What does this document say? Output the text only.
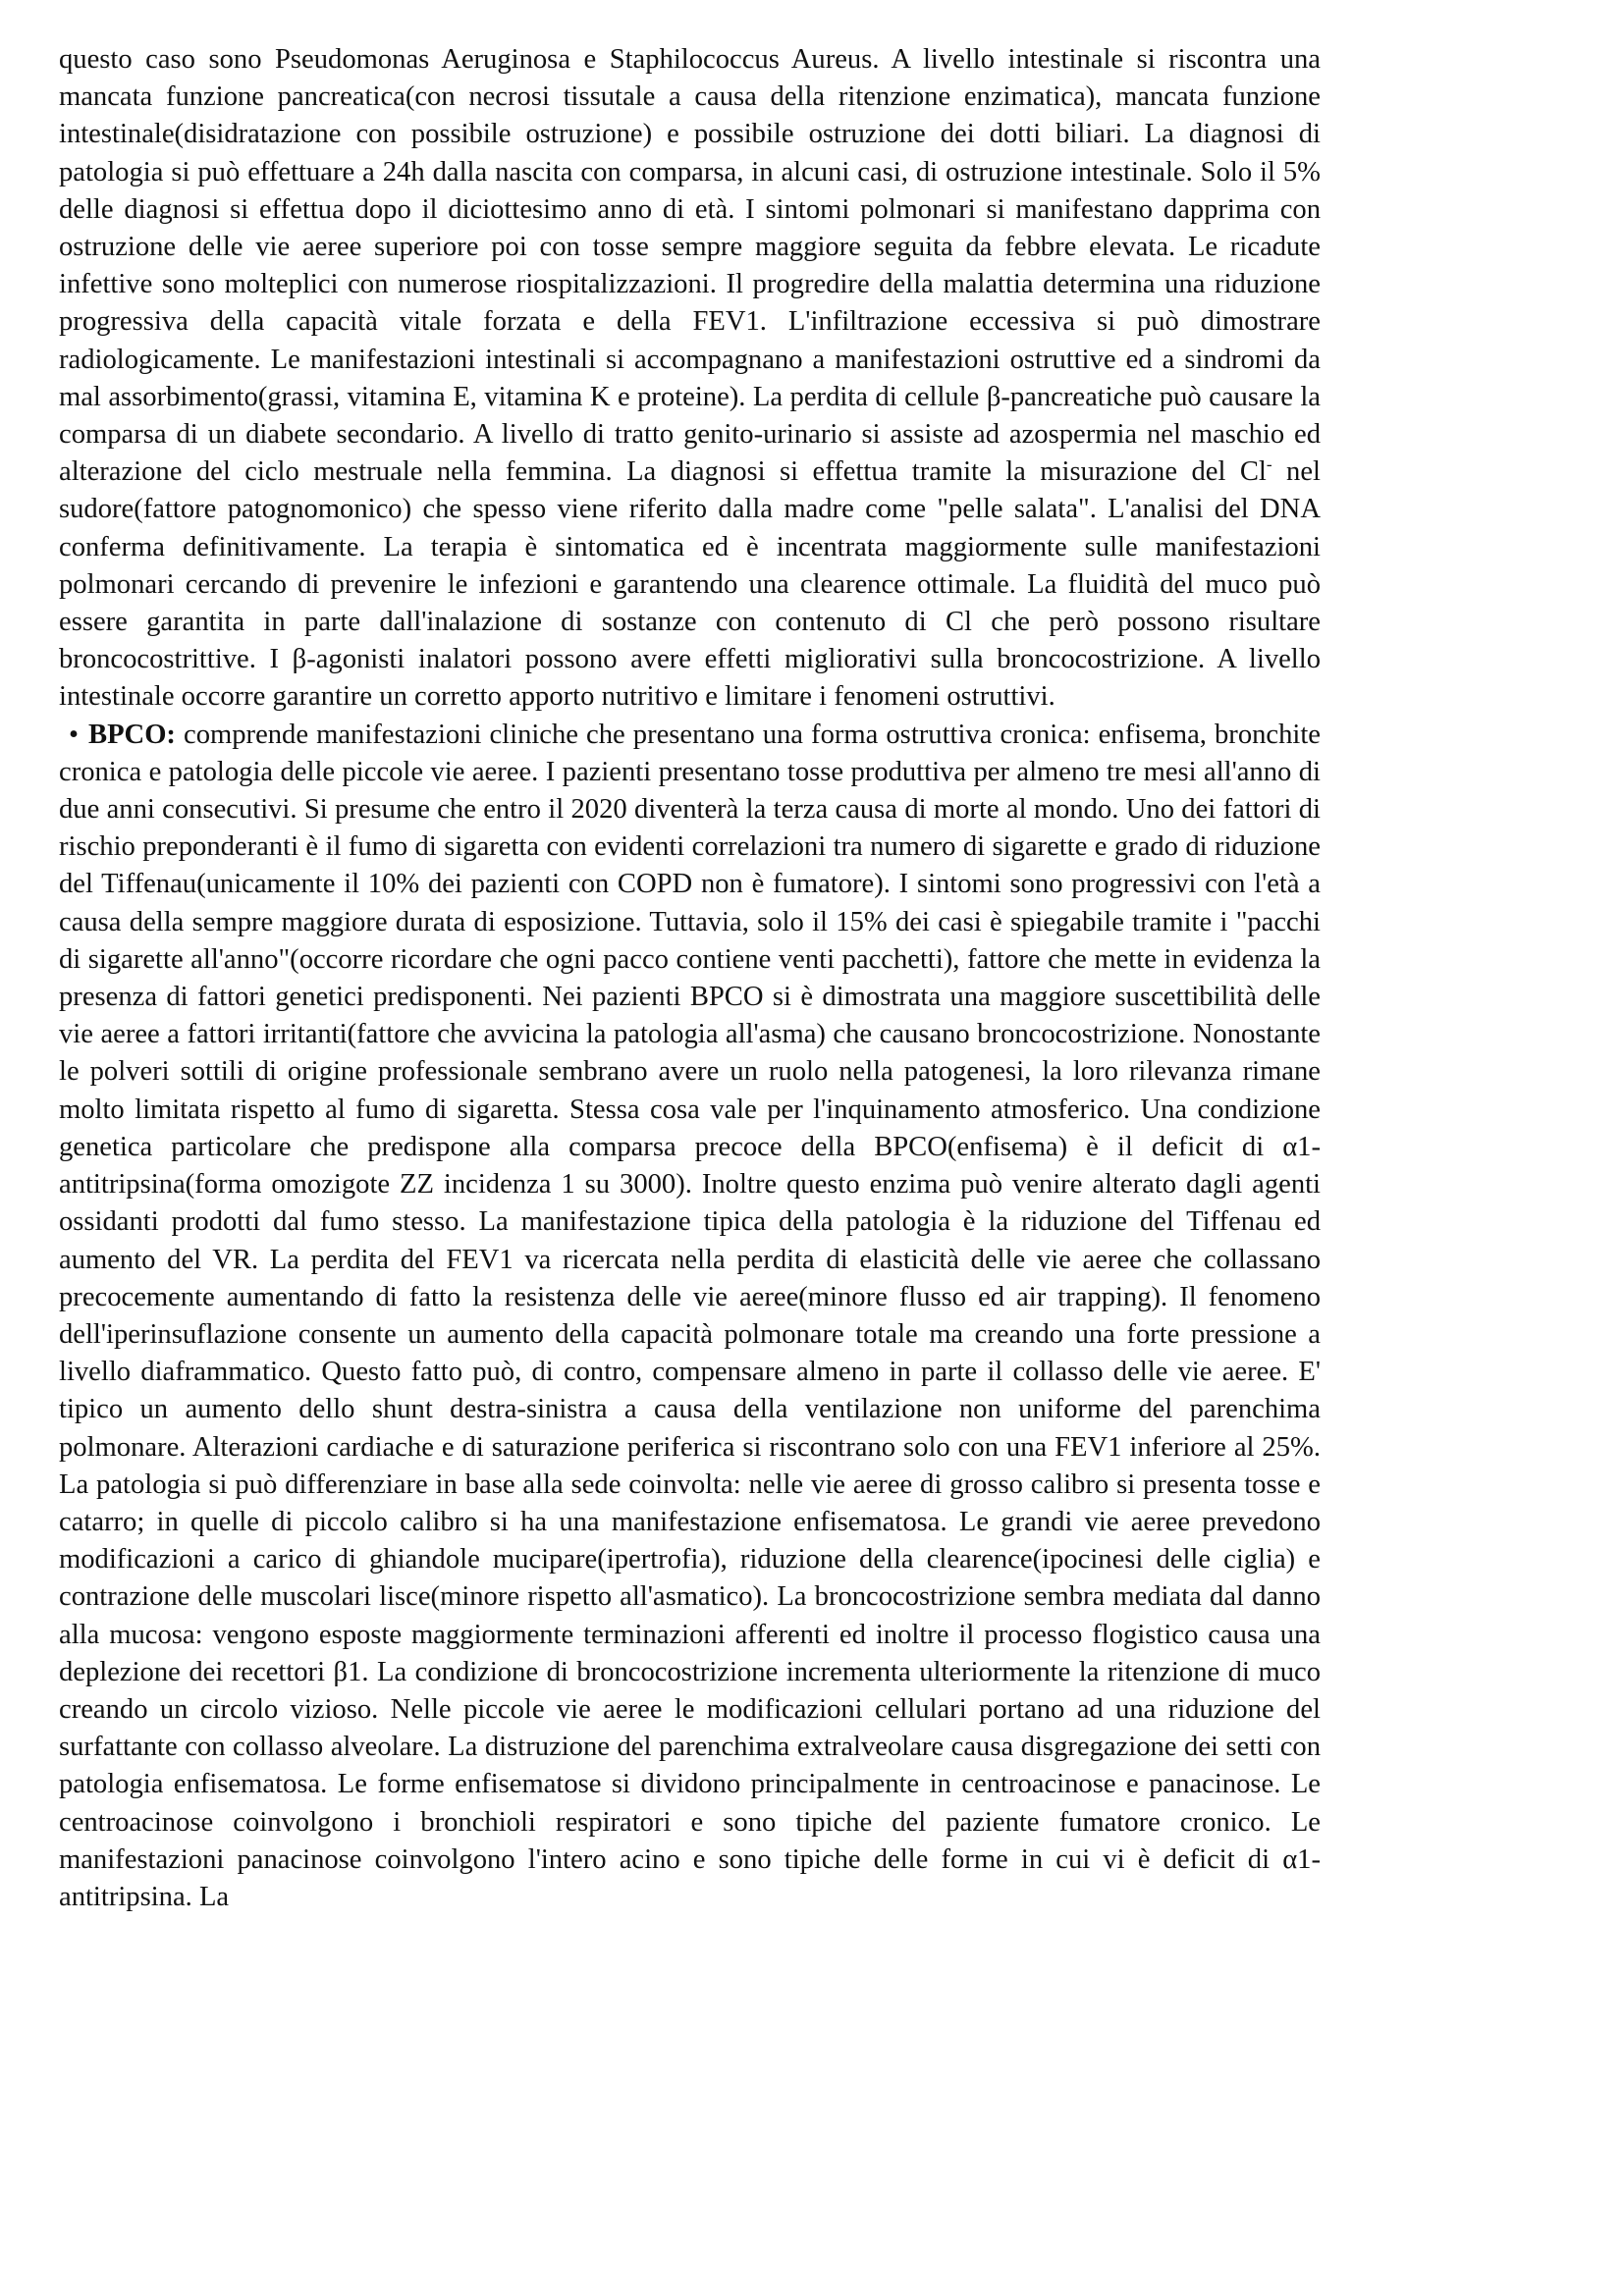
questo caso sono Pseudomonas Aeruginosa e Staphilococcus Aureus. A livello intestinale si riscontra una mancata funzione pancreatica(con necrosi tissutale a causa della ritenzione enzimatica), mancata funzione intestinale(disidratazione con possibile ostruzione) e possibile ostruzione dei dotti biliari. La diagnosi di patologia si può effettuare a 24h dalla nascita con comparsa, in alcuni casi, di ostruzione intestinale. Solo il 5% delle diagnosi si effettua dopo il diciottesimo anno di età. I sintomi polmonari si manifestano dapprima con ostruzione delle vie aeree superiore poi con tosse sempre maggiore seguita da febbre elevata. Le ricadute infettive sono molteplici con numerose riospitalizzazioni. Il progredire della malattia determina una riduzione progressiva della capacità vitale forzata e della FEV1. L'infiltrazione eccessiva si può dimostrare radiologicamente. Le manifestazioni intestinali si accompagnano a manifestazioni ostruttive ed a sindromi da mal assorbimento(grassi, vitamina E, vitamina K e proteine). La perdita di cellule β-pancreatiche può causare la comparsa di un diabete secondario. A livello di tratto genito-urinario si assiste ad azospermia nel maschio ed alterazione del ciclo mestruale nella femmina. La diagnosi si effettua tramite la misurazione del Cl- nel sudore(fattore patognomonico) che spesso viene riferito dalla madre come "pelle salata". L'analisi del DNA conferma definitivamente. La terapia è sintomatica ed è incentrata maggiormente sulle manifestazioni polmonari cercando di prevenire le infezioni e garantendo una clearence ottimale. La fluidità del muco può essere garantita in parte dall'inalazione di sostanze con contenuto di Cl che però possono risultare broncocostrittive. I β-agonisti inalatori possono avere effetti migliorativi sulla broncocostrizione. A livello intestinale occorre garantire un corretto apporto nutritivo e limitare i fenomeni ostruttivi.

• BPCO: comprende manifestazioni cliniche che presentano una forma ostruttiva cronica: enfisema, bronchite cronica e patologia delle piccole vie aeree. I pazienti presentano tosse produttiva per almeno tre mesi all'anno di due anni consecutivi. Si presume che entro il 2020 diventerà la terza causa di morte al mondo. Uno dei fattori di rischio preponderanti è il fumo di sigaretta con evidenti correlazioni tra numero di sigarette e grado di riduzione del Tiffenau(unicamente il 10% dei pazienti con COPD non è fumatore). I sintomi sono progressivi con l'età a causa della sempre maggiore durata di esposizione. Tuttavia, solo il 15% dei casi è spiegabile tramite i "pacchi di sigarette all'anno"(occorre ricordare che ogni pacco contiene venti pacchetti), fattore che mette in evidenza la presenza di fattori genetici predisponenti. Nei pazienti BPCO si è dimostrata una maggiore suscettibilità delle vie aeree a fattori irritanti(fattore che avvicina la patologia all'asma) che causano broncocostrizione. Nonostante le polveri sottili di origine professionale sembrano avere un ruolo nella patogenesi, la loro rilevanza rimane molto limitata rispetto al fumo di sigaretta. Stessa cosa vale per l'inquinamento atmosferico. Una condizione genetica particolare che predispone alla comparsa precoce della BPCO(enfisema) è il deficit di α1-antitripsina(forma omozigote ZZ incidenza 1 su 3000). Inoltre questo enzima può venire alterato dagli agenti ossidanti prodotti dal fumo stesso. La manifestazione tipica della patologia è la riduzione del Tiffenau ed aumento del VR. La perdita del FEV1 va ricercata nella perdita di elasticità delle vie aeree che collassano precocemente aumentando di fatto la resistenza delle vie aeree(minore flusso ed air trapping). Il fenomeno dell'iperinsuflazione consente un aumento della capacità polmonare totale ma creando una forte pressione a livello diaframmatico. Questo fatto può, di contro, compensare almeno in parte il collasso delle vie aeree. E' tipico un aumento dello shunt destra-sinistra a causa della ventilazione non uniforme del parenchima polmonare. Alterazioni cardiache e di saturazione periferica si riscontrano solo con una FEV1 inferiore al 25%. La patologia si può differenziare in base alla sede coinvolta: nelle vie aeree di grosso calibro si presenta tosse e catarro; in quelle di piccolo calibro si ha una manifestazione enfisematosa. Le grandi vie aeree prevedono modificazioni a carico di ghiandole mucipare(ipertrofia), riduzione della clearence(ipocinesi delle ciglia) e contrazione delle muscolari lisce(minore rispetto all'asmatico). La broncocostrizione sembra mediata dal danno alla mucosa: vengono esposte maggiormente terminazioni afferenti ed inoltre il processo flogistico causa una deplezione dei recettori β1. La condizione di broncocostrizione incrementa ulteriormente la ritenzione di muco creando un circolo vizioso. Nelle piccole vie aeree le modificazioni cellulari portano ad una riduzione del surfattante con collasso alveolare. La distruzione del parenchima extralveolare causa disgregazione dei setti con patologia enfisematosa. Le forme enfisematose si dividono principalmente in centroacinose e panacinose. Le centroacinose coinvolgono i bronchioli respiratori e sono tipiche del paziente fumatore cronico. Le manifestazioni panacinose coinvolgono l'intero acino e sono tipiche delle forme in cui vi è deficit di α1-antitripsina. La
